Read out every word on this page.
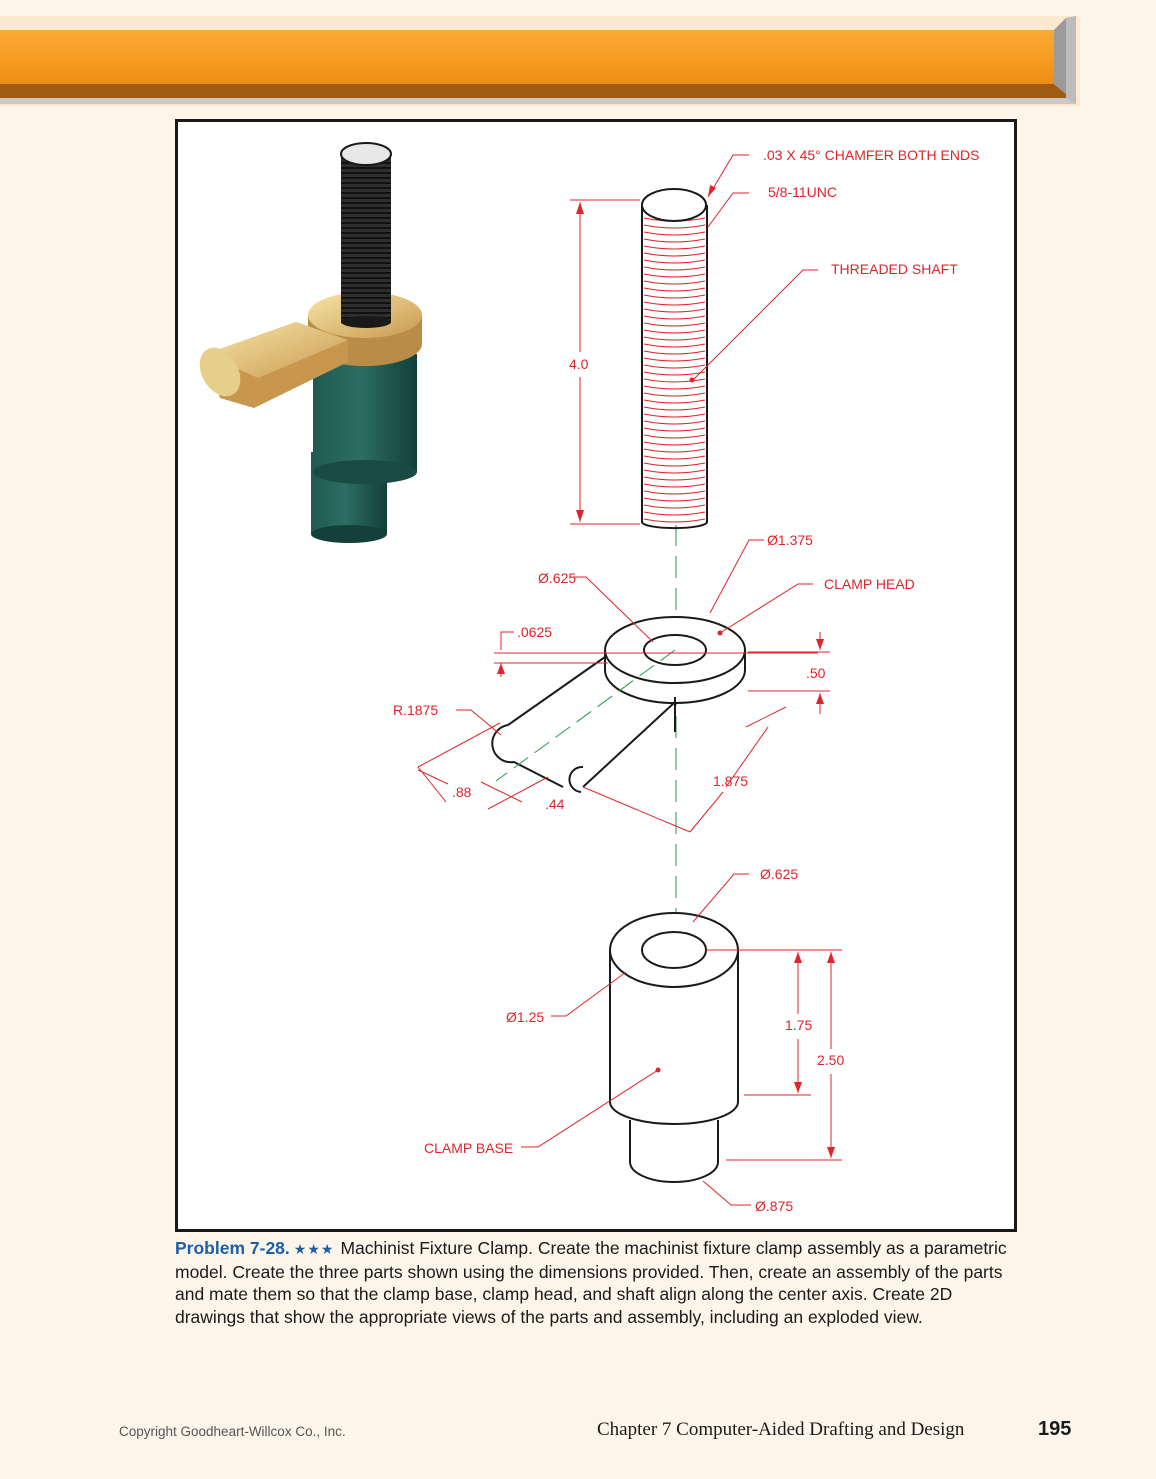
.03 X 45° CHAMFER BOTH ENDS
5/8-11UNC
THREADED SHAFT
4.0
Ø1.375
Ø.625	CLAMP HEAD
.0625
.50
R.1875
.88
.44
1.875
Ø.625
Ø1.25	1.75
2.50
CLAMP BASE
Ø.875
Problem 7-28. ★★★ Machinist Fixture Clamp. Create the machinist fixture clamp assembly as a parametric model. Create the three parts shown using the dimensions provided. Then, create an assembly of the parts and mate them so that the clamp base, clamp head, and shaft align along the center axis. Create 2D drawings that show the appropriate views of the parts and assembly, including an exploded view.
Copyright Goodheart-Willcox Co., Inc.	Chapter 7 Computer-Aided Drafting and Design	195
